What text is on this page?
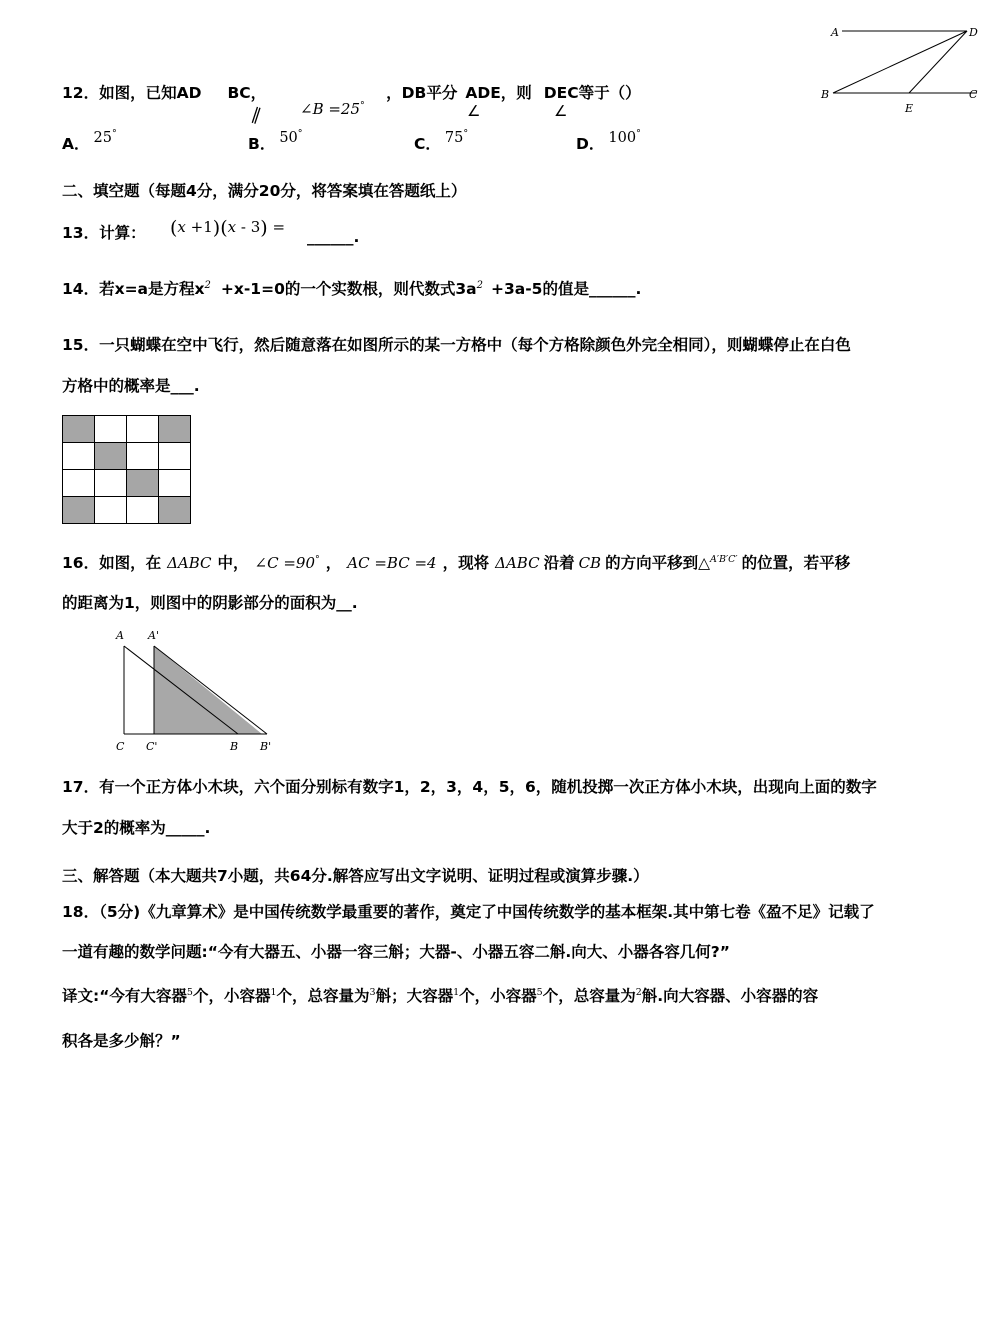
12．如图，已知AD BC，	，DB平分 ADE，则 DEC等于（）
∥ ∠B =25°	∠	∠
A	D
B
E
C
A． 25°
B． 50°
C． 75°
D． 100°
二、填空题（每题4分，满分20分，将答案填在答题纸上）
13．计算： (x +1)(x - 3) =
______.
14．若x=a是方程$x^2 +x-1=0$的一个实数根，则代数式$3a^2 +3a-5$的值是______.
15．一只蝴蝶在空中飞行，然后随意落在如图所示的某一方格中（每个方格除颜色外完全相同），则蝴蝶停止在白色
方格中的概率是___.

16．如图，在 ΔABC 中， ∠C =90° ， AC =BC =4 ，现将 ΔABC 沿着 CB 的方向平移到△$^{A'B'C'}$ 的位置，若平移
的距离为1，则图中的阴影部分的面积为__.
A A'
C C'	B B'
17．有一个正方体小木块，六个面分别标有数字1，2，3，4，5，6，随机投掷一次正方体小木块，出现向上面的数字
大于2的概率为_____.
三、解答题（本大题共7小题，共64分.解答应写出文字说明、证明过程或演算步骤.）
18．（5分)《九章算术》是中国传统数学最重要的著作，奠定了中国传统数学的基本框架.其中第七卷《盈不足》记载了
一道有趣的数学问题:“今有大器五、小器一容三斛；大器-、小器五容二斛.向大、小器各容几何?”
译文:“今有大容器$^5$个，小容器$^1$个，总容量为$^3$斛；大容器$^1$个，小容器$^5$个，总容量为$^2$斛.向大容器、小容器的容
积各是多少斛？”
